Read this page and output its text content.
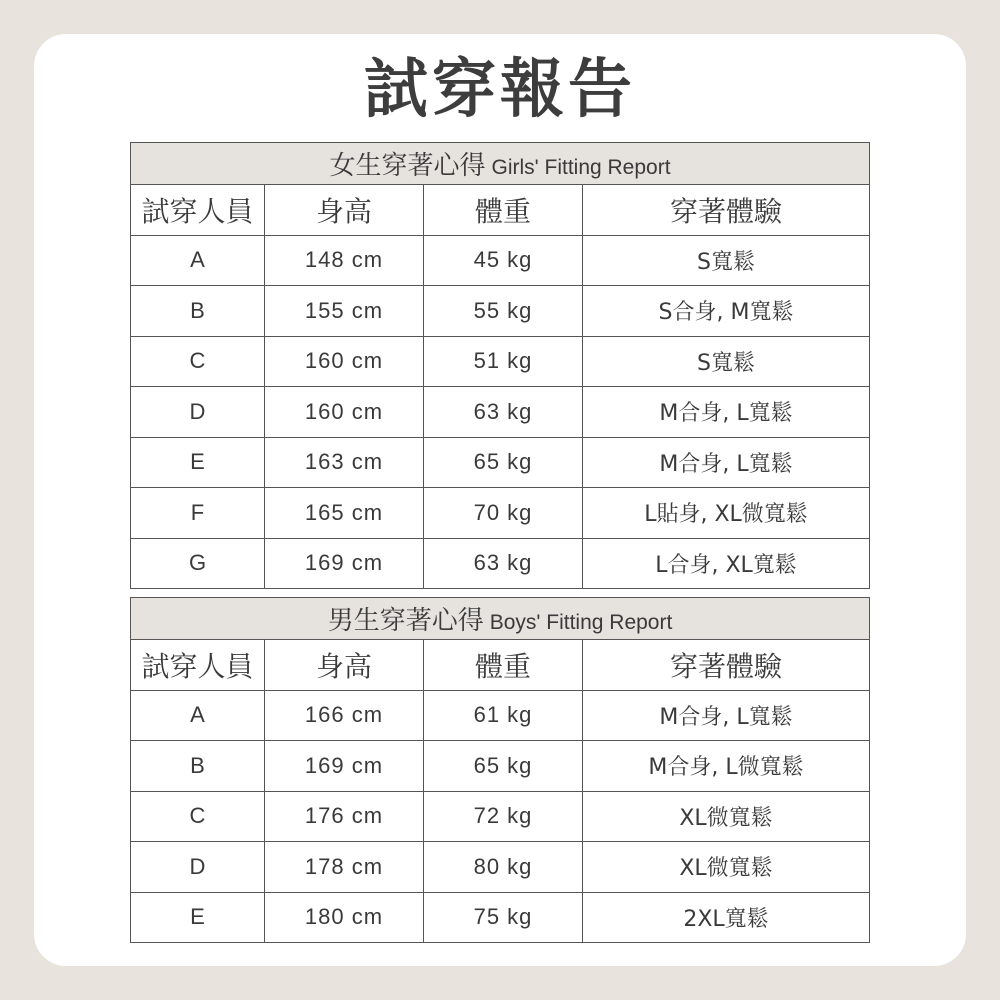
試穿報告
女生穿著心得 Girls' Fitting Report			
試穿人員	身高	體重	穿著體驗
A	148 cm	45 kg	S寬鬆
B	155 cm	55 kg	S合身, M寬鬆
C	160 cm	51 kg	S寬鬆
D	160 cm	63 kg	M合身, L寬鬆
E	163 cm	65 kg	M合身, L寬鬆
F	165 cm	70 kg	L貼身, XL微寬鬆
G	169 cm	63 kg	L合身, XL寬鬆
男生穿著心得 Boys' Fitting Report			
試穿人員	身高	體重	穿著體驗
A	166 cm	61 kg	M合身, L寬鬆
B	169 cm	65 kg	M合身, L微寬鬆
C	176 cm	72 kg	XL微寬鬆
D	178 cm	80 kg	XL微寬鬆
E	180 cm	75 kg	2XL寬鬆
